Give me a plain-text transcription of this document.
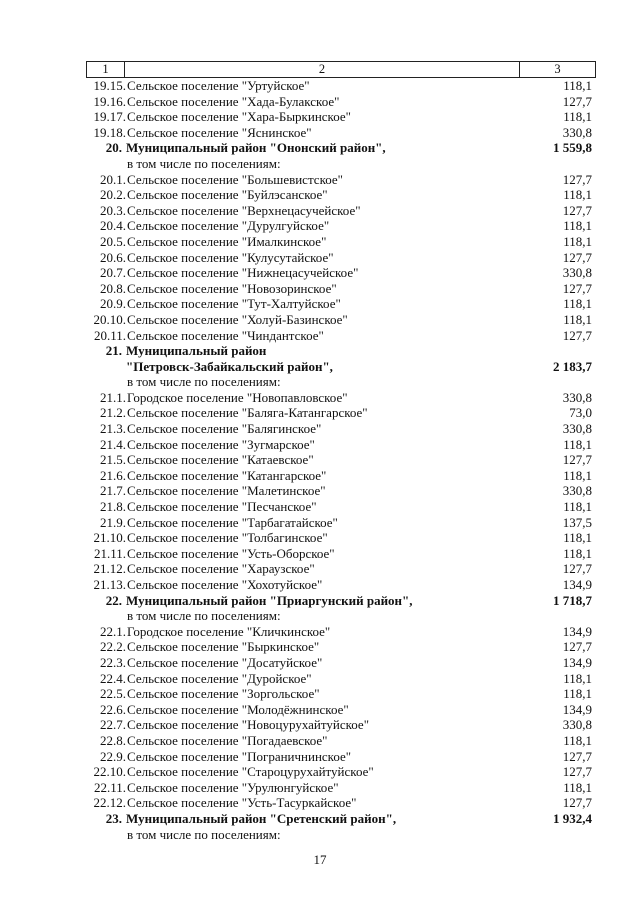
1	2	3
19.15. Сельское поселение "Уртуйское"	118,1
19.16. Сельское поселение "Хада-Булакское"	127,7
19.17. Сельское поселение "Хара-Быркинское"	118,1
19.18. Сельское поселение "Яснинское"	330,8
20. Муниципальный район "Ононский район",	1 559,8
в том числе по поселениям:
20.1. Сельское поселение "Большевистское"	127,7
20.2. Сельское поселение "Буйлэсанское"	118,1
20.3. Сельское поселение "Верхнецасучейское"	127,7
20.4. Сельское поселение "Дурулгуйское"	118,1
20.5. Сельское поселение "Ималкинское"	118,1
20.6. Сельское поселение "Кулусутайское"	127,7
20.7. Сельское поселение "Нижнецасучейское"	330,8
20.8. Сельское поселение "Новозоринское"	127,7
20.9. Сельское поселение "Тут-Халтуйское"	118,1
20.10. Сельское поселение "Холуй-Базинское"	118,1
20.11. Сельское поселение "Чиндантское"	127,7
21. Муниципальный район
"Петровск-Забайкальский район",	2 183,7
в том числе по поселениям:
21.1. Городское поселение "Новопавловское"	330,8
21.2. Сельское поселение "Баляга-Катангарское"	73,0
21.3. Сельское поселение "Балягинское"	330,8
21.4. Сельское поселение "Зугмарское"	118,1
21.5. Сельское поселение "Катаевское"	127,7
21.6. Сельское поселение "Катангарское"	118,1
21.7. Сельское поселение "Малетинское"	330,8
21.8. Сельское поселение "Песчанское"	118,1
21.9. Сельское поселение "Тарбагатайское"	137,5
21.10. Сельское поселение "Толбагинское"	118,1
21.11. Сельское поселение "Усть-Оборское"	118,1
21.12. Сельское поселение "Хараузское"	127,7
21.13. Сельское поселение "Хохотуйское"	134,9
22. Муниципальный район "Приаргунский район",	1 718,7
в том числе по поселениям:
22.1. Городское поселение "Кличкинское"	134,9
22.2. Сельское поселение "Быркинское"	127,7
22.3. Сельское поселение "Досатуйское"	134,9
22.4. Сельское поселение "Дуройское"	118,1
22.5. Сельское поселение "Зоргольское"	118,1
22.6. Сельское поселение "Молодёжнинское"	134,9
22.7. Сельское поселение "Новоцурухайтуйское"	330,8
22.8. Сельское поселение "Погадаевское"	118,1
22.9. Сельское поселение "Пограничнинское"	127,7
22.10. Сельское поселение "Староцурухайтуйское"	127,7
22.11. Сельское поселение "Урулюнгуйское"	118,1
22.12. Сельское поселение "Усть-Тасуркайское"	127,7
23. Муниципальный район "Сретенский район",	1 932,4
в том числе по поселениям:
17
